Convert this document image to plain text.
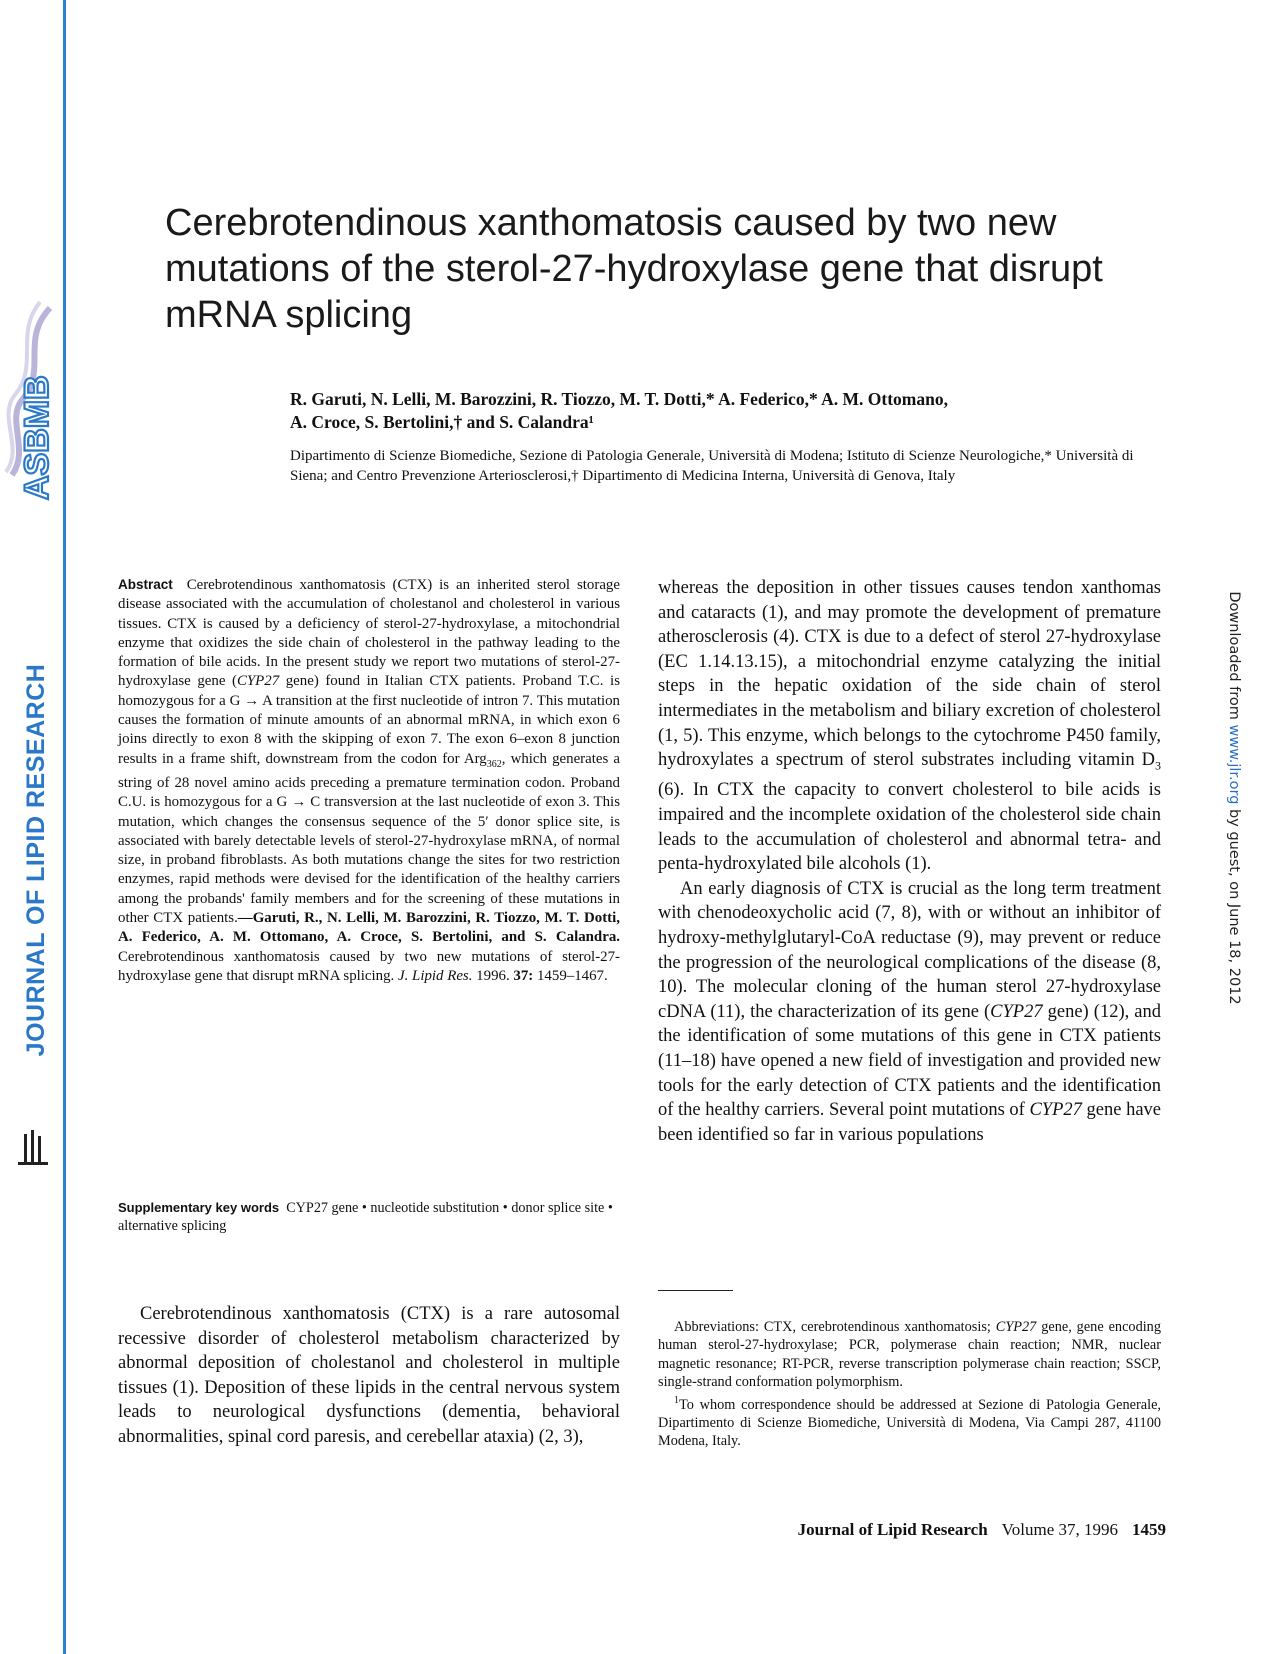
ASBMB
JOURNAL OF LIPID RESEARCH
JLR
Downloaded from www.jlr.org by guest, on June 18, 2012
Cerebrotendinous xanthomatosis caused by two new mutations of the sterol-27-hydroxylase gene that disrupt mRNA splicing
R. Garuti, N. Lelli, M. Barozzini, R. Tiozzo, M. T. Dotti,* A. Federico,* A. M. Ottomano,
A. Croce, S. Bertolini,† and S. Calandra¹
Dipartimento di Scienze Biomediche, Sezione di Patologia Generale, Università di Modena; Istituto di Scienze Neurologiche,* Università di Siena; and Centro Prevenzione Arteriosclerosi,† Dipartimento di Medicina Interna, Università di Genova, Italy
Abstract Cerebrotendinous xanthomatosis (CTX) is an inherited sterol storage disease associated with the accumulation of cholestanol and cholesterol in various tissues. CTX is caused by a deficiency of sterol-27-hydroxylase, a mitochondrial enzyme that oxidizes the side chain of cholesterol in the pathway leading to the formation of bile acids. In the present study we report two mutations of sterol-27-hydroxylase gene (CYP27 gene) found in Italian CTX patients. Proband T.C. is homozygous for a G → A transition at the first nucleotide of intron 7. This mutation causes the formation of minute amounts of an abnormal mRNA, in which exon 6 joins directly to exon 8 with the skipping of exon 7. The exon 6–exon 8 junction results in a frame shift, downstream from the codon for Arg$_{362}$, which generates a string of 28 novel amino acids preceding a premature termination codon. Proband C.U. is homozygous for a G → C transversion at the last nucleotide of exon 3. This mutation, which changes the consensus sequence of the 5′ donor splice site, is associated with barely detectable levels of sterol-27-hydroxylase mRNA, of normal size, in proband fibroblasts. As both mutations change the sites for two restriction enzymes, rapid methods were devised for the identification of the healthy carriers among the probands' family members and for the screening of these mutations in other CTX patients.—Garuti, R., N. Lelli, M. Barozzini, R. Tiozzo, M. T. Dotti, A. Federico, A. M. Ottomano, A. Croce, S. Bertolini, and S. Calandra. Cerebrotendinous xanthomatosis caused by two new mutations of sterol-27-hydroxylase gene that disrupt mRNA splicing. J. Lipid Res. 1996. 37: 1459–1467.
Supplementary key words CYP27 gene • nucleotide substitution • donor splice site • alternative splicing

Cerebrotendinous xanthomatosis (CTX) is a rare autosomal recessive disorder of cholesterol metabolism characterized by abnormal deposition of cholestanol and cholesterol in multiple tissues (1). Deposition of these lipids in the central nervous system leads to neurological dysfunctions (dementia, behavioral abnormalities, spinal cord paresis, and cerebellar ataxia) (2, 3),

whereas the deposition in other tissues causes tendon xanthomas and cataracts (1), and may promote the development of premature atherosclerosis (4). CTX is due to a defect of sterol 27-hydroxylase (EC 1.14.13.15), a mitochondrial enzyme catalyzing the initial steps in the hepatic oxidation of the side chain of sterol intermediates in the metabolism and biliary excretion of cholesterol (1, 5). This enzyme, which belongs to the cytochrome P450 family, hydroxylates a spectrum of sterol substrates including vitamin $D_3$ (6). In CTX the capacity to convert cholesterol to bile acids is impaired and the incomplete oxidation of the cholesterol side chain leads to the accumulation of cholesterol and abnormal tetra- and penta-hydroxylated bile alcohols (1).

An early diagnosis of CTX is crucial as the long term treatment with chenodeoxycholic acid (7, 8), with or without an inhibitor of hydroxy-methylglutaryl-CoA reductase (9), may prevent or reduce the progression of the neurological complications of the disease (8, 10). The molecular cloning of the human sterol 27-hydroxylase cDNA (11), the characterization of its gene (CYP27 gene) (12), and the identification of some mutations of this gene in CTX patients (11–18) have opened a new field of investigation and provided new tools for the early detection of CTX patients and the identification of the healthy carriers. Several point mutations of CYP27 gene have been identified so far in various populations

Abbreviations: CTX, cerebrotendinous xanthomatosis; CYP27 gene, gene encoding human sterol-27-hydroxylase; PCR, polymerase chain reaction; NMR, nuclear magnetic resonance; RT-PCR, reverse transcription polymerase chain reaction; SSCP, single-strand conformation polymorphism.

$^1$To whom correspondence should be addressed at Sezione di Patologia Generale, Dipartimento di Scienze Biomediche, Università di Modena, Via Campi 287, 41100 Modena, Italy.

Journal of Lipid Research Volume 37, 1996 1459
